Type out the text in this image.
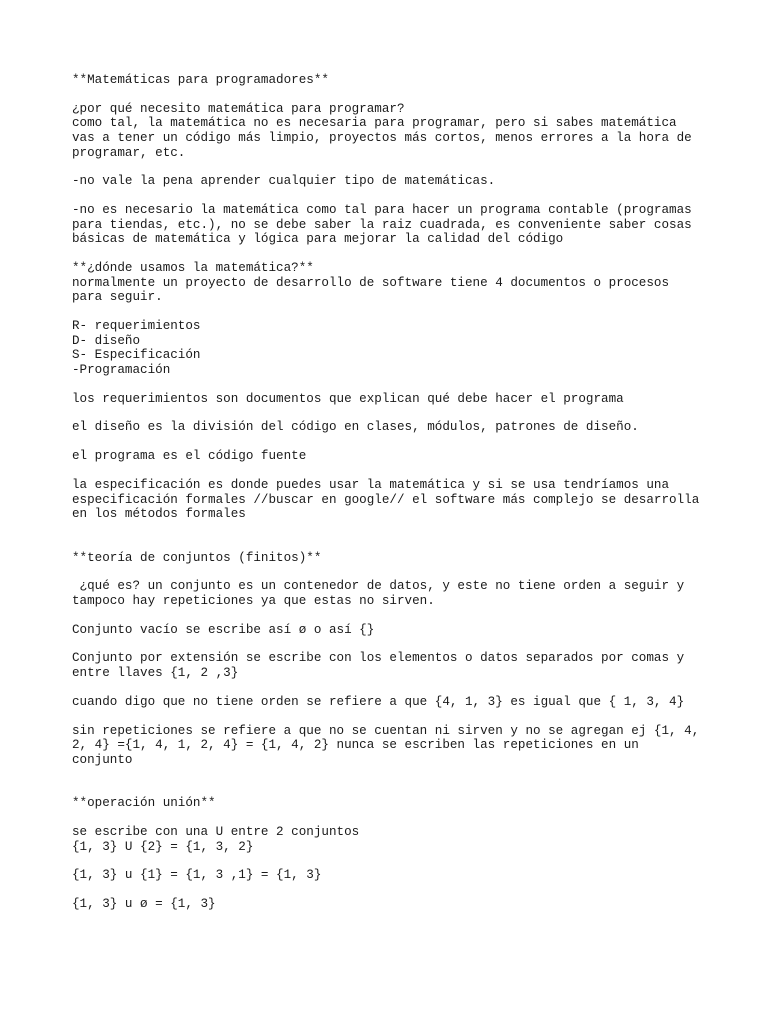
**Matemáticas para programadores**
¿por qué necesito matemática para programar?
como tal, la matemática no es necesaria para programar, pero si sabes matemática
vas a tener un código más limpio, proyectos más cortos, menos errores a la hora de
programar, etc.
-no vale la pena aprender cualquier tipo de matemáticas.
-no es necesario la matemática como tal para hacer un programa contable (programas
para tiendas, etc.), no se debe saber la raiz cuadrada, es conveniente saber cosas
básicas de matemática y lógica para mejorar la calidad del código
**¿dónde usamos la matemática?**
normalmente un proyecto de desarrollo de software tiene 4 documentos o procesos
para seguir.
R- requerimientos
D- diseño
S- Especificación
-Programación
los requerimientos son documentos que explican qué debe hacer el programa
el diseño es la división del código en clases, módulos, patrones de diseño.
el programa es el código fuente
la especificación es donde puedes usar la matemática y si se usa tendríamos una
especificación formales //buscar en google// el software más complejo se desarrolla
en los métodos formales
**teoría de conjuntos (finitos)**
¿qué es? un conjunto es un contenedor de datos, y este no tiene orden a seguir y
tampoco hay repeticiones ya que estas no sirven.
Conjunto vacío se escribe así ø o así {}
Conjunto por extensión se escribe con los elementos o datos separados por comas y
entre llaves {1, 2 ,3}
cuando digo que no tiene orden se refiere a que {4, 1, 3} es igual que { 1, 3, 4}
sin repeticiones se refiere a que no se cuentan ni sirven y no se agregan ej {1, 4,
2, 4} ={1, 4, 1, 2, 4} = {1, 4, 2} nunca se escriben las repeticiones en un
conjunto
**operación unión**
se escribe con una U entre 2 conjuntos
{1, 3} U {2} = {1, 3, 2}
{1, 3} u {1} = {1, 3 ,1} = {1, 3}
{1, 3} u ø = {1, 3}
